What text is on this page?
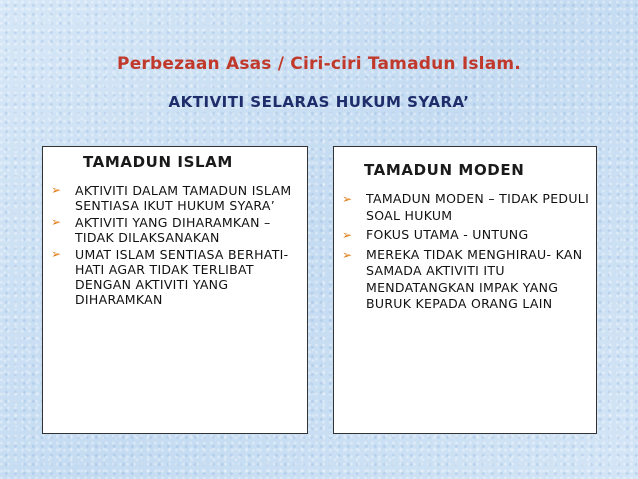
Perbezaan Asas / Ciri-ciri Tamadun Islam.
AKTIVITI SELARAS HUKUM SYARA’
TAMADUN ISLAM
➢ AKTIVITI DALAM TAMADUN ISLAM SENTIASA IKUT HUKUM SYARA’
➢ AKTIVITI YANG DIHARAMKAN – TIDAK DILAKSANAKAN
➢ UMAT ISLAM SENTIASA BERHATI-HATI AGAR TIDAK TERLIBAT DENGAN AKTIVITI YANG DIHARAMKAN
TAMADUN MODEN
➢ TAMADUN MODEN – TIDAK PEDULI SOAL HUKUM
➢ FOKUS UTAMA - UNTUNG
➢ MEREKA TIDAK MENGHIRAU- KAN SAMADA AKTIVITI ITU MENDATANGKAN IMPAK YANG BURUK KEPADA ORANG LAIN
